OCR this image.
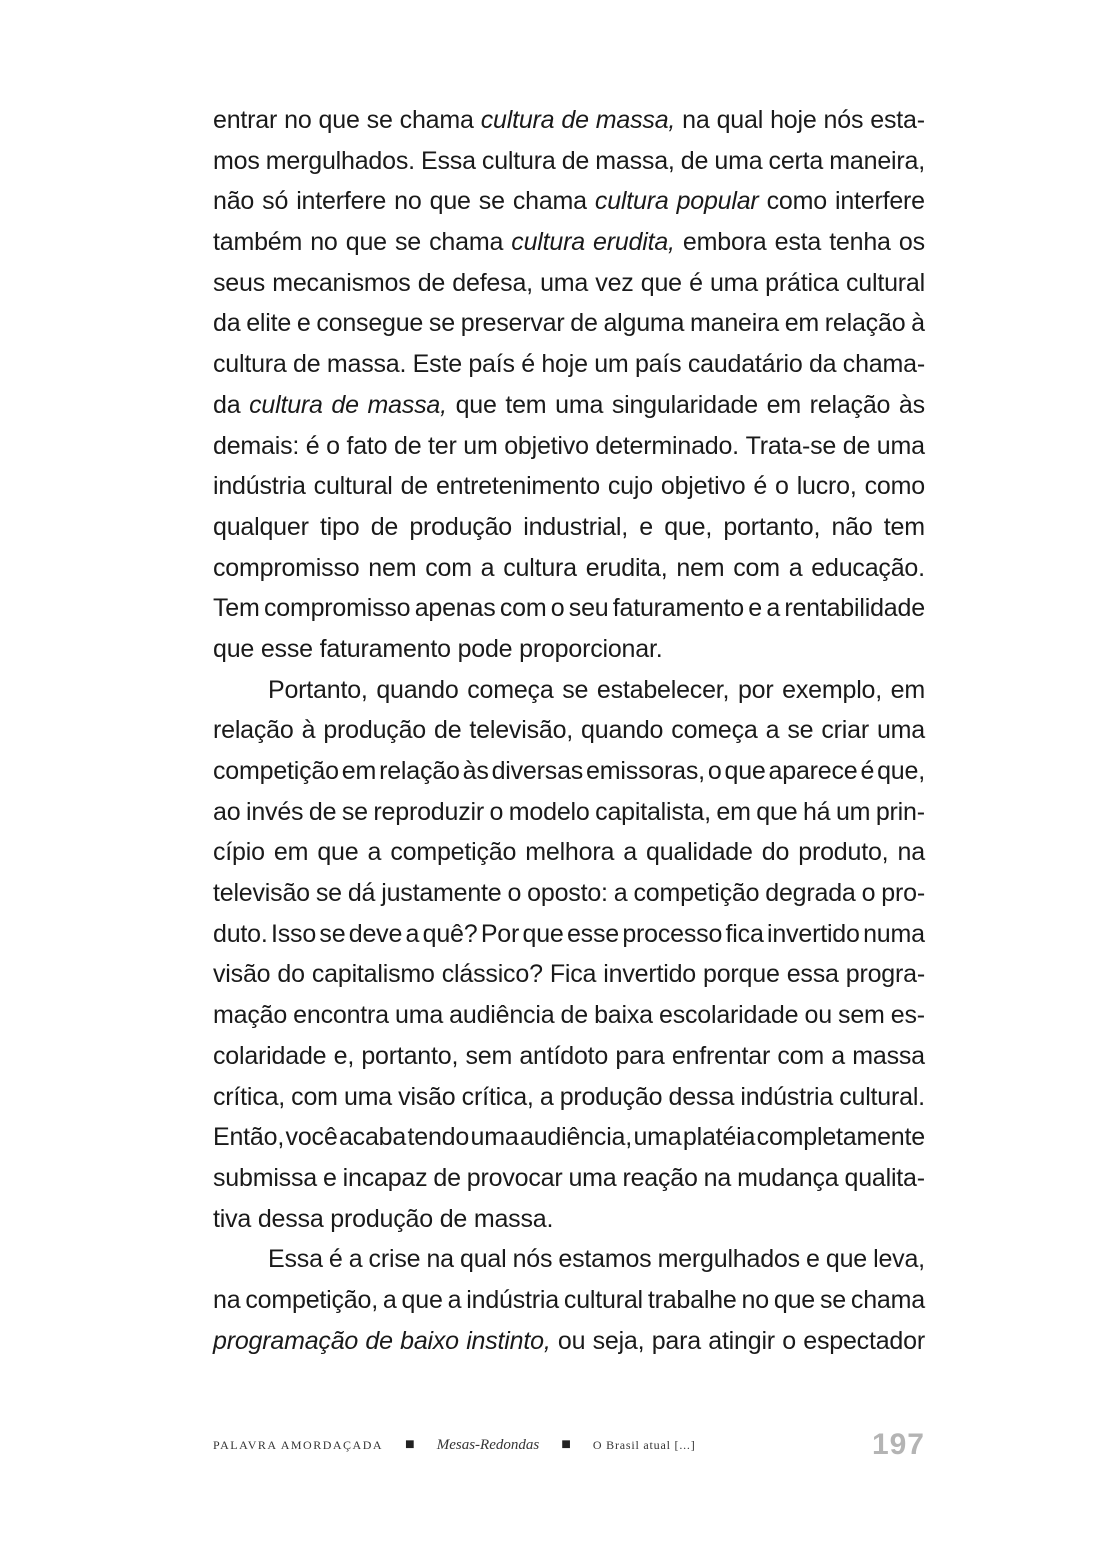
entrar no que se chama cultura de massa, na qual hoje nós esta-
mos mergulhados. Essa cultura de massa, de uma certa maneira,
não só interfere no que se chama cultura popular como interfere
também no que se chama cultura erudita, embora esta tenha os
seus mecanismos de defesa, uma vez que é uma prática cultural
da elite e consegue se preservar de alguma maneira em relação à
cultura de massa. Este país é hoje um país caudatário da chama-
da cultura de massa, que tem uma singularidade em relação às
demais: é o fato de ter um objetivo determinado. Trata-se de uma
indústria cultural de entretenimento cujo objetivo é o lucro, como
qualquer tipo de produção industrial, e que, portanto, não tem
compromisso nem com a cultura erudita, nem com a educação.
Tem compromisso apenas com o seu faturamento e a rentabilidade
que esse faturamento pode proporcionar.
Portanto, quando começa se estabelecer, por exemplo, em
relação à produção de televisão, quando começa a se criar uma
competição em relação às diversas emissoras, o que aparece é que,
ao invés de se reproduzir o modelo capitalista, em que há um prin-
cípio em que a competição melhora a qualidade do produto, na
televisão se dá justamente o oposto: a competição degrada o pro-
duto. Isso se deve a quê? Por que esse processo fica invertido numa
visão do capitalismo clássico? Fica invertido porque essa progra-
mação encontra uma audiência de baixa escolaridade ou sem es-
colaridade e, portanto, sem antídoto para enfrentar com a massa
crítica, com uma visão crítica, a produção dessa indústria cultural.
Então, você acaba tendo uma audiência, uma platéia completamente
submissa e incapaz de provocar uma reação na mudança qualita-
tiva dessa produção de massa.
Essa é a crise na qual nós estamos mergulhados e que leva,
na competição, a que a indústria cultural trabalhe no que se chama
programação de baixo instinto, ou seja, para atingir o espectador
PALAVRA AMORDAÇADA ■ Mesas-Redondas ■ O Brasil atual [...]	197
